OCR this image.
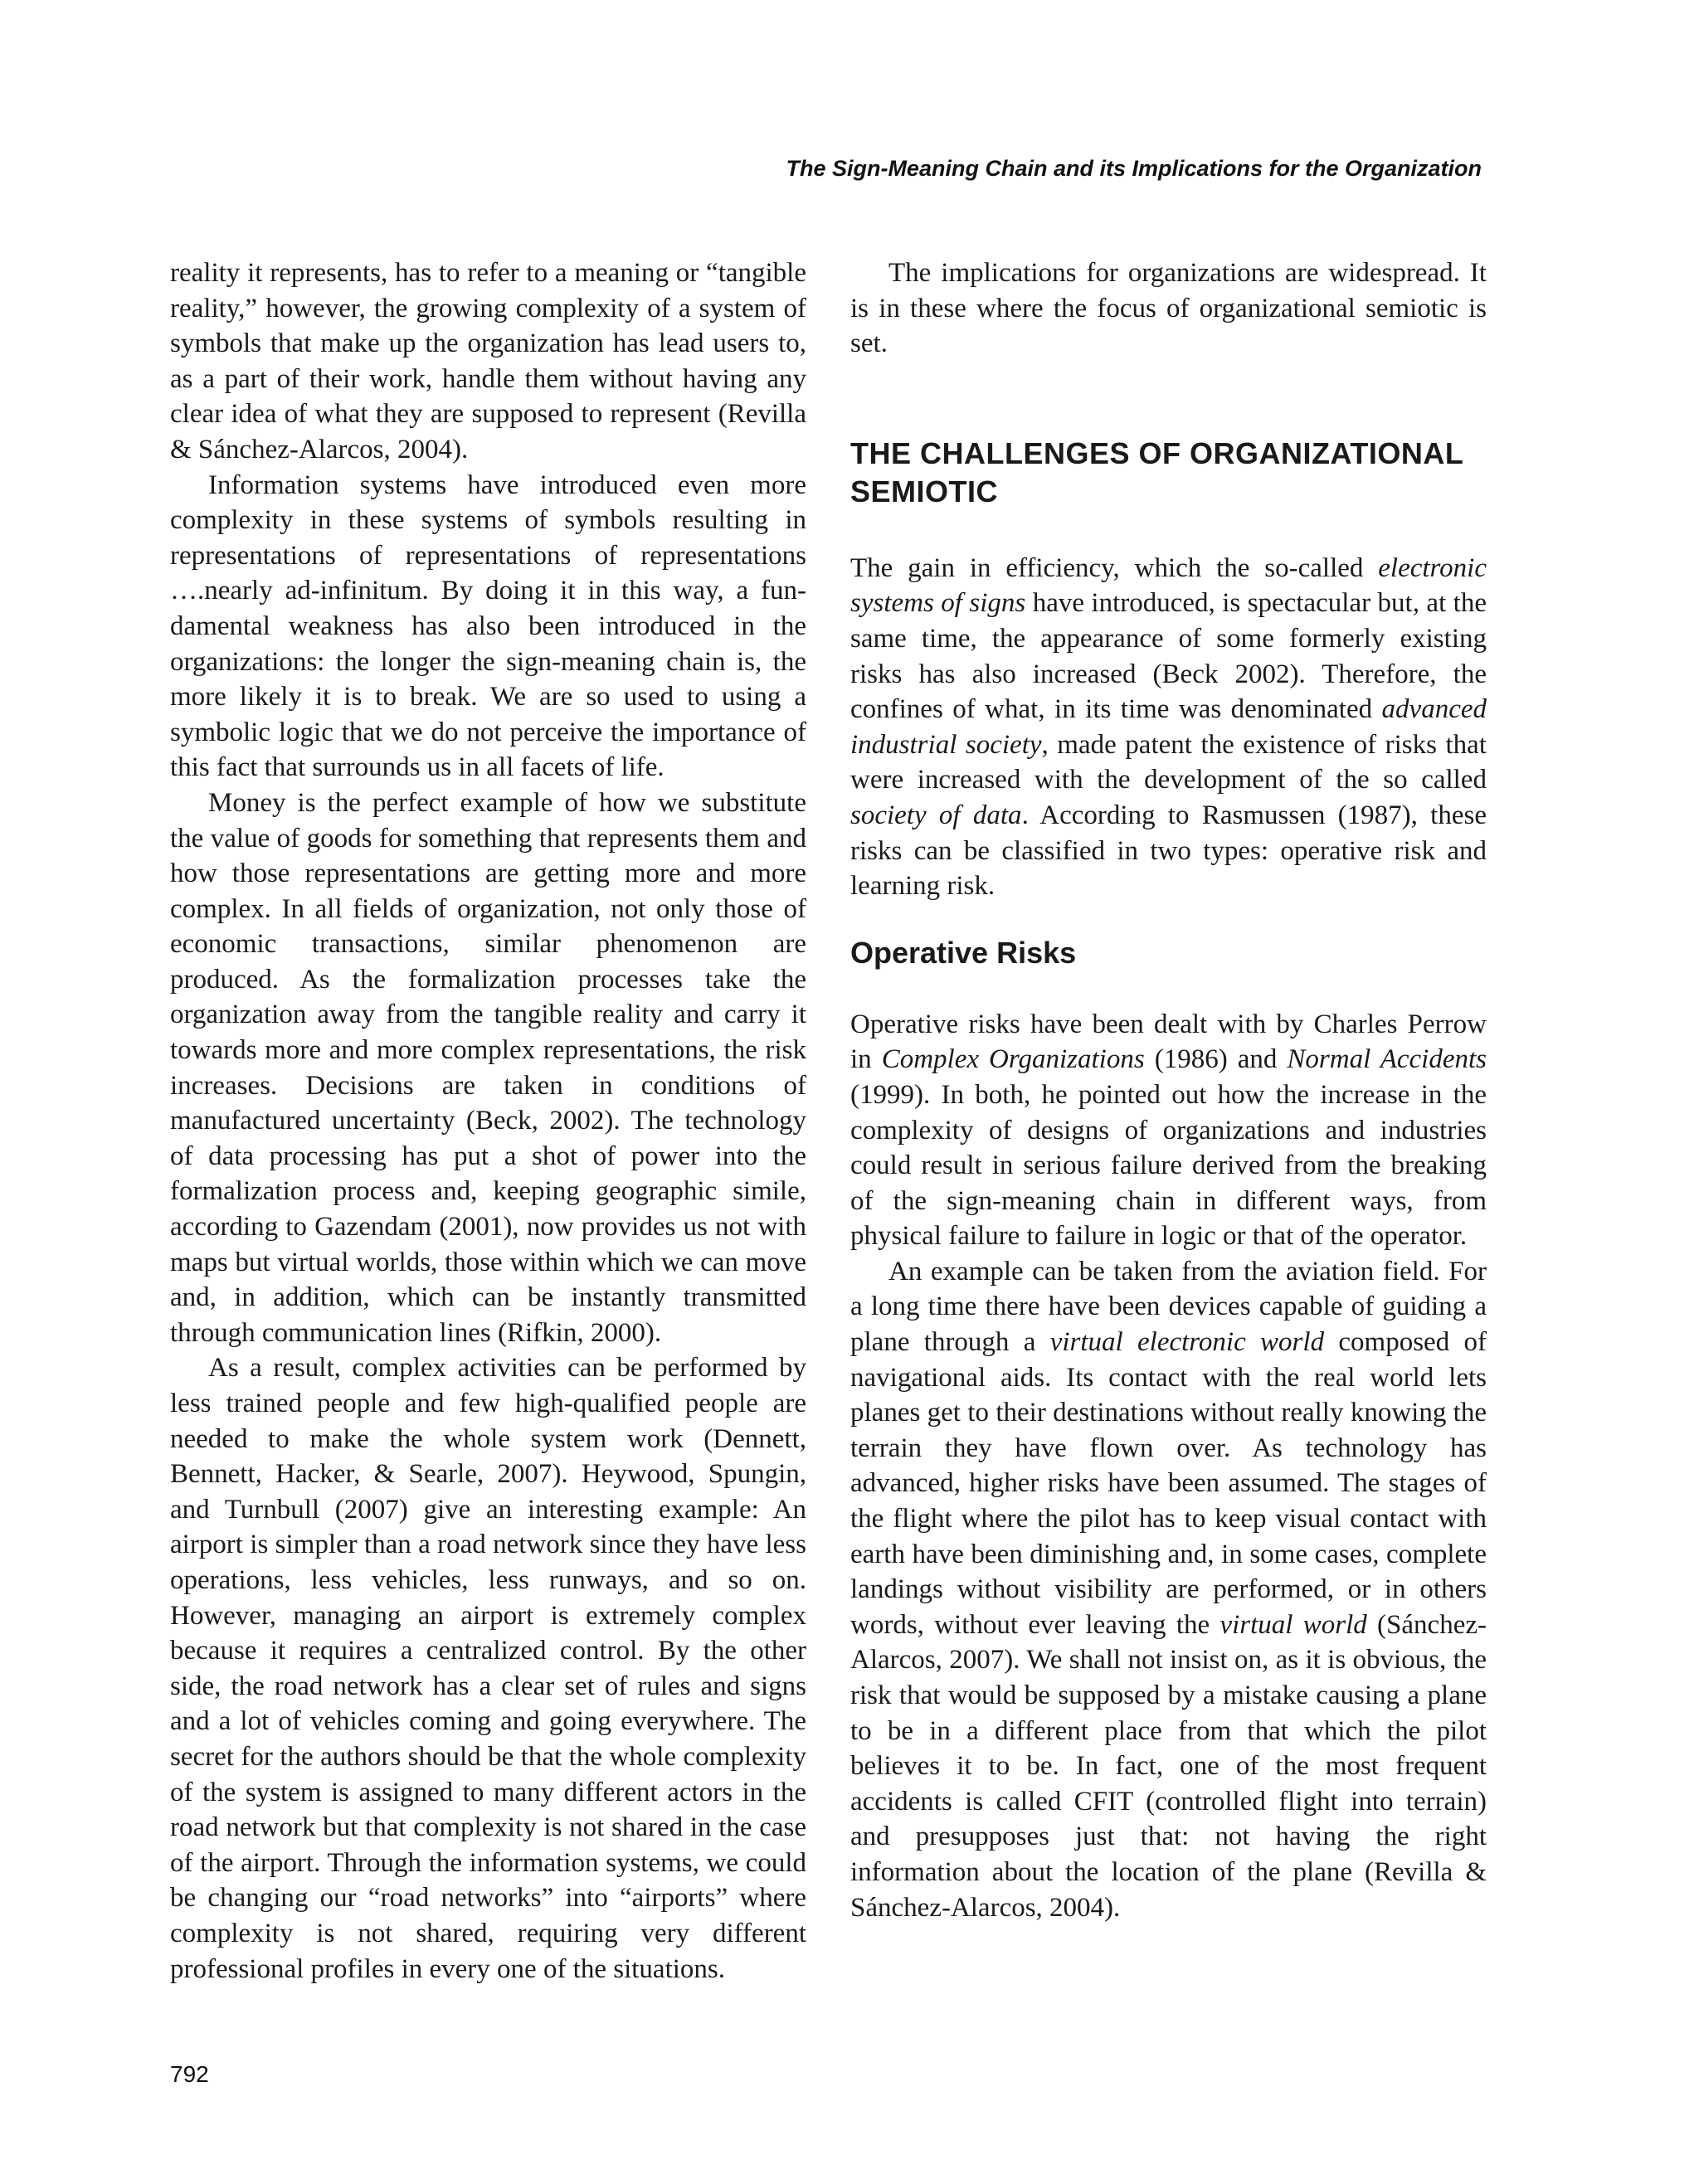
The Sign-Meaning Chain and its Implications for the Organization

reality it represents, has to refer to a meaning or “tangible reality,” however, the growing complexity of a system of symbols that make up the organization has lead users to, as a part of their work, handle them without having any clear idea of what they are supposed to represent (Revilla & Sánchez-Alarcos, 2004).

Information systems have introduced even more complexity in these systems of symbols resulting in representations of representations of representations ….nearly ad-infinitum. By doing it in this way, a fundamental weakness has also been introduced in the organizations: the longer the sign-meaning chain is, the more likely it is to break. We are so used to using a symbolic logic that we do not perceive the importance of this fact that surrounds us in all facets of life.

Money is the perfect example of how we substitute the value of goods for something that represents them and how those representations are getting more and more complex. In all fields of organization, not only those of economic transactions, similar phenomenon are produced. As the formalization processes take the organization away from the tangible reality and carry it towards more and more complex representations, the risk increases. Decisions are taken in conditions of manufactured uncertainty (Beck, 2002). The technology of data processing has put a shot of power into the formalization process and, keeping geographic simile, according to Gazendam (2001), now provides us not with maps but virtual worlds, those within which we can move and, in addition, which can be instantly transmitted through communication lines (Rifkin, 2000).

As a result, complex activities can be performed by less trained people and few high-qualified people are needed to make the whole system work (Dennett, Bennett, Hacker, & Searle, 2007). Heywood, Spungin, and Turnbull (2007) give an interesting example: An airport is simpler than a road network since they have less operations, less vehicles, less runways, and so on. However, managing an airport is extremely complex because it requires a centralized control. By the other side, the road network has a clear set of rules and signs and a lot of vehicles coming and going everywhere. The secret for the authors should be that the whole complexity of the system is assigned to many different actors in the road network but that complexity is not shared in the case of the airport. Through the information systems, we could be changing our “road networks” into “airports” where complexity is not shared, requiring very different professional profiles in every one of the situations.

The implications for organizations are widespread. It is in these where the focus of organizational semiotic is set.

THE CHALLENGES OF ORGANIZATIONAL SEMIOTIC

The gain in efficiency, which the so-called electronic systems of signs have introduced, is spectacular but, at the same time, the appearance of some formerly existing risks has also increased (Beck 2002). Therefore, the confines of what, in its time was denominated advanced industrial society, made patent the existence of risks that were increased with the development of the so called society of data. According to Rasmussen (1987), these risks can be classified in two types: operative risk and learning risk.

Operative Risks

Operative risks have been dealt with by Charles Perrow in Complex Organizations (1986) and Normal Accidents (1999). In both, he pointed out how the increase in the complexity of designs of organizations and industries could result in serious failure derived from the breaking of the sign-meaning chain in different ways, from physical failure to failure in logic or that of the operator.

An example can be taken from the aviation field. For a long time there have been devices capable of guiding a plane through a virtual electronic world composed of navigational aids. Its contact with the real world lets planes get to their destinations without really knowing the terrain they have flown over. As technology has advanced, higher risks have been assumed. The stages of the flight where the pilot has to keep visual contact with earth have been diminishing and, in some cases, complete landings without visibility are performed, or in others words, without ever leaving the virtual world (Sánchez-Alarcos, 2007). We shall not insist on, as it is obvious, the risk that would be supposed by a mistake causing a plane to be in a different place from that which the pilot believes it to be. In fact, one of the most frequent accidents is called CFIT (controlled flight into terrain) and presupposes just that: not having the right information about the location of the plane (Revilla & Sánchez-Alarcos, 2004).

792
